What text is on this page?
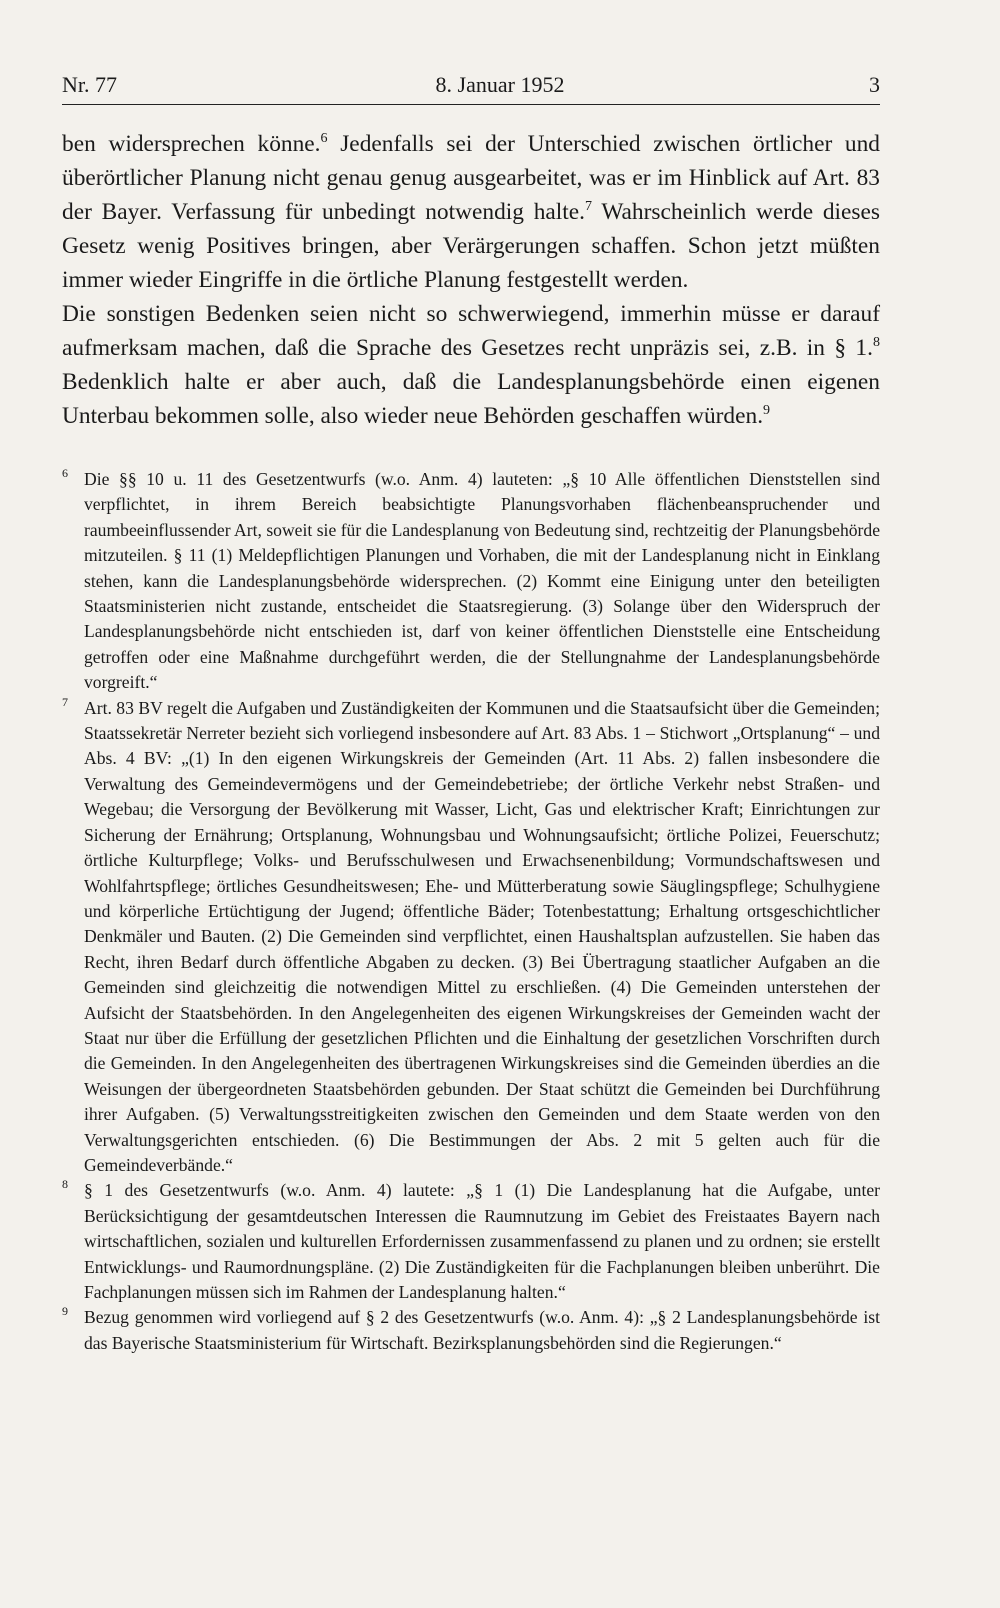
Nr. 77	8. Januar 1952	3

ben widersprechen könne.$^6$ Jedenfalls sei der Unterschied zwischen örtlicher und überörtlicher Planung nicht genau genug ausgearbeitet, was er im Hinblick auf Art. 83 der Bayer. Verfassung für unbedingt notwendig halte.$^7$ Wahrscheinlich werde dieses Gesetz wenig Positives bringen, aber Verärgerungen schaffen. Schon jetzt müßten immer wieder Eingriffe in die örtliche Planung festgestellt werden.

Die sonstigen Bedenken seien nicht so schwerwiegend, immerhin müsse er darauf aufmerksam machen, daß die Sprache des Gesetzes recht unpräzis sei, z.B. in § 1.$^8$ Bedenklich halte er aber auch, daß die Landesplanungsbehörde einen eigenen Unterbau bekommen solle, also wieder neue Behörden geschaffen würden.$^9$

6 Die §§ 10 u. 11 des Gesetzentwurfs (w.o. Anm. 4) lauteten: „§ 10 Alle öffentlichen Dienststellen sind verpflichtet, in ihrem Bereich beabsichtigte Planungsvorhaben flächenbeanspruchender und raumbeeinflussender Art, soweit sie für die Landesplanung von Bedeutung sind, rechtzeitig der Planungsbehörde mitzuteilen. § 11 (1) Meldepflichtigen Planungen und Vorhaben, die mit der Landesplanung nicht in Einklang stehen, kann die Landesplanungsbehörde widersprechen. (2) Kommt eine Einigung unter den beteiligten Staatsministerien nicht zustande, entscheidet die Staatsregierung. (3) Solange über den Widerspruch der Landesplanungsbehörde nicht entschieden ist, darf von keiner öffentlichen Dienststelle eine Entscheidung getroffen oder eine Maßnahme durchgeführt werden, die der Stellungnahme der Landesplanungsbehörde vorgreift.“
7 Art. 83 BV regelt die Aufgaben und Zuständigkeiten der Kommunen und die Staatsaufsicht über die Gemeinden; Staatssekretär Nerreter bezieht sich vorliegend insbesondere auf Art. 83 Abs. 1 – Stichwort „Ortsplanung“ – und Abs. 4 BV: „(1) In den eigenen Wirkungskreis der Gemeinden (Art. 11 Abs. 2) fallen insbesondere die Verwaltung des Gemeindevermögens und der Gemeindebetriebe; der örtliche Verkehr nebst Straßen- und Wegebau; die Versorgung der Bevölkerung mit Wasser, Licht, Gas und elektrischer Kraft; Einrichtungen zur Sicherung der Ernährung; Ortsplanung, Wohnungsbau und Wohnungsaufsicht; örtliche Polizei, Feuerschutz; örtliche Kulturpflege; Volks- und Berufsschulwesen und Erwachsenenbildung; Vormundschaftswesen und Wohlfahrtspflege; örtliches Gesundheitswesen; Ehe- und Mütterberatung sowie Säuglingspflege; Schulhygiene und körperliche Ertüchtigung der Jugend; öffentliche Bäder; Totenbestattung; Erhaltung ortsgeschichtlicher Denkmäler und Bauten. (2) Die Gemeinden sind verpflichtet, einen Haushaltsplan aufzustellen. Sie haben das Recht, ihren Bedarf durch öffentliche Abgaben zu decken. (3) Bei Übertragung staatlicher Aufgaben an die Gemeinden sind gleichzeitig die notwendigen Mittel zu erschließen. (4) Die Gemeinden unterstehen der Aufsicht der Staatsbehörden. In den Angelegenheiten des eigenen Wirkungskreises der Gemeinden wacht der Staat nur über die Erfüllung der gesetzlichen Pflichten und die Einhaltung der gesetzlichen Vorschriften durch die Gemeinden. In den Angelegenheiten des übertragenen Wirkungskreises sind die Gemeinden überdies an die Weisungen der übergeordneten Staatsbehörden gebunden. Der Staat schützt die Gemeinden bei Durchführung ihrer Aufgaben. (5) Verwaltungsstreitigkeiten zwischen den Gemeinden und dem Staate werden von den Verwaltungsgerichten entschieden. (6) Die Bestimmungen der Abs. 2 mit 5 gelten auch für die Gemeindeverbände.“
8 § 1 des Gesetzentwurfs (w.o. Anm. 4) lautete: „§ 1 (1) Die Landesplanung hat die Aufgabe, unter Berücksichtigung der gesamtdeutschen Interessen die Raumnutzung im Gebiet des Freistaates Bayern nach wirtschaftlichen, sozialen und kulturellen Erfordernissen zusammenfassend zu planen und zu ordnen; sie erstellt Entwicklungs- und Raumordnungspläne. (2) Die Zuständigkeiten für die Fachplanungen bleiben unberührt. Die Fachplanungen müssen sich im Rahmen der Landesplanung halten.“
9 Bezug genommen wird vorliegend auf § 2 des Gesetzentwurfs (w.o. Anm. 4): „§ 2 Landesplanungsbehörde ist das Bayerische Staatsministerium für Wirtschaft. Bezirksplanungsbehörden sind die Regierungen.“
